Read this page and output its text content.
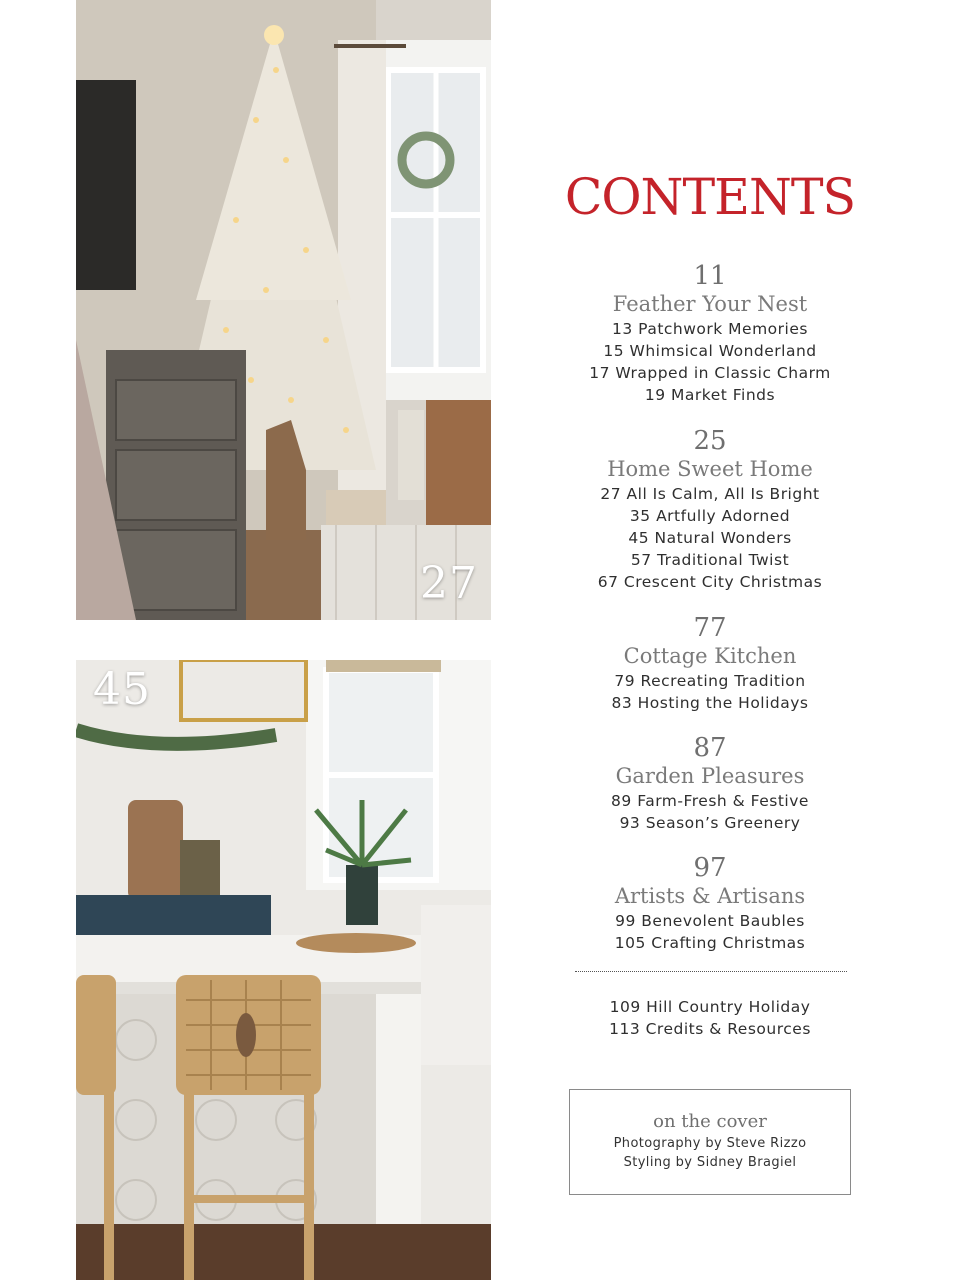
27
45
CONTENTS
11
Feather Your Nest
13 Patchwork Memories
15 Whimsical Wonderland
17 Wrapped in Classic Charm
19 Market Finds
25
Home Sweet Home
27 All Is Calm, All Is Bright
35 Artfully Adorned
45 Natural Wonders
57 Traditional Twist
67 Crescent City Christmas
77
Cottage Kitchen
79 Recreating Tradition
83 Hosting the Holidays
87
Garden Pleasures
89 Farm-Fresh & Festive
93 Season’s Greenery
97
Artists & Artisans
99 Benevolent Baubles
105 Crafting Christmas
109 Hill Country Holiday
113 Credits & Resources
on the cover
Photography by Steve Rizzo
Styling by Sidney Bragiel
